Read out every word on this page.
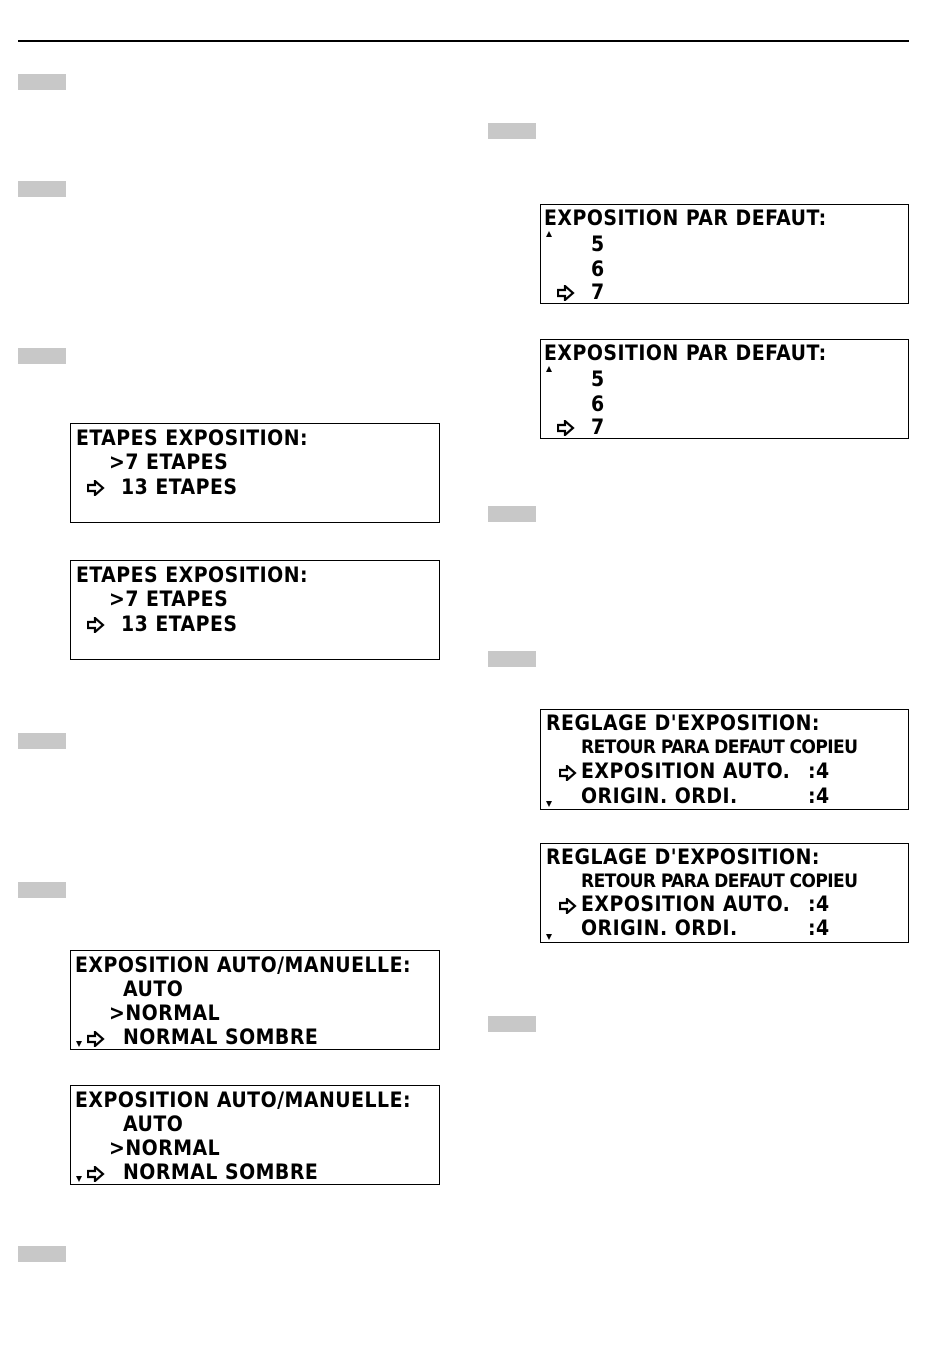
ETAPES EXPOSITION:
>7 ETAPES
13 ETAPES
ETAPES EXPOSITION:
>7 ETAPES
13 ETAPES
EXPOSITION AUTO/MANUELLE:
AUTO
>NORMAL
NORMAL SOMBRE
EXPOSITION AUTO/MANUELLE:
AUTO
>NORMAL
NORMAL SOMBRE
EXPOSITION PAR DEFAUT:
5
6
7
EXPOSITION PAR DEFAUT:
5
6
7
REGLAGE D'EXPOSITION:
RETOUR PARA DEFAUT COPIEU
EXPOSITION AUTO. :4
ORIGIN. ORDI.	:4
REGLAGE D'EXPOSITION:
RETOUR PARA DEFAUT COPIEU
EXPOSITION AUTO. :4
ORIGIN. ORDI.	:4
